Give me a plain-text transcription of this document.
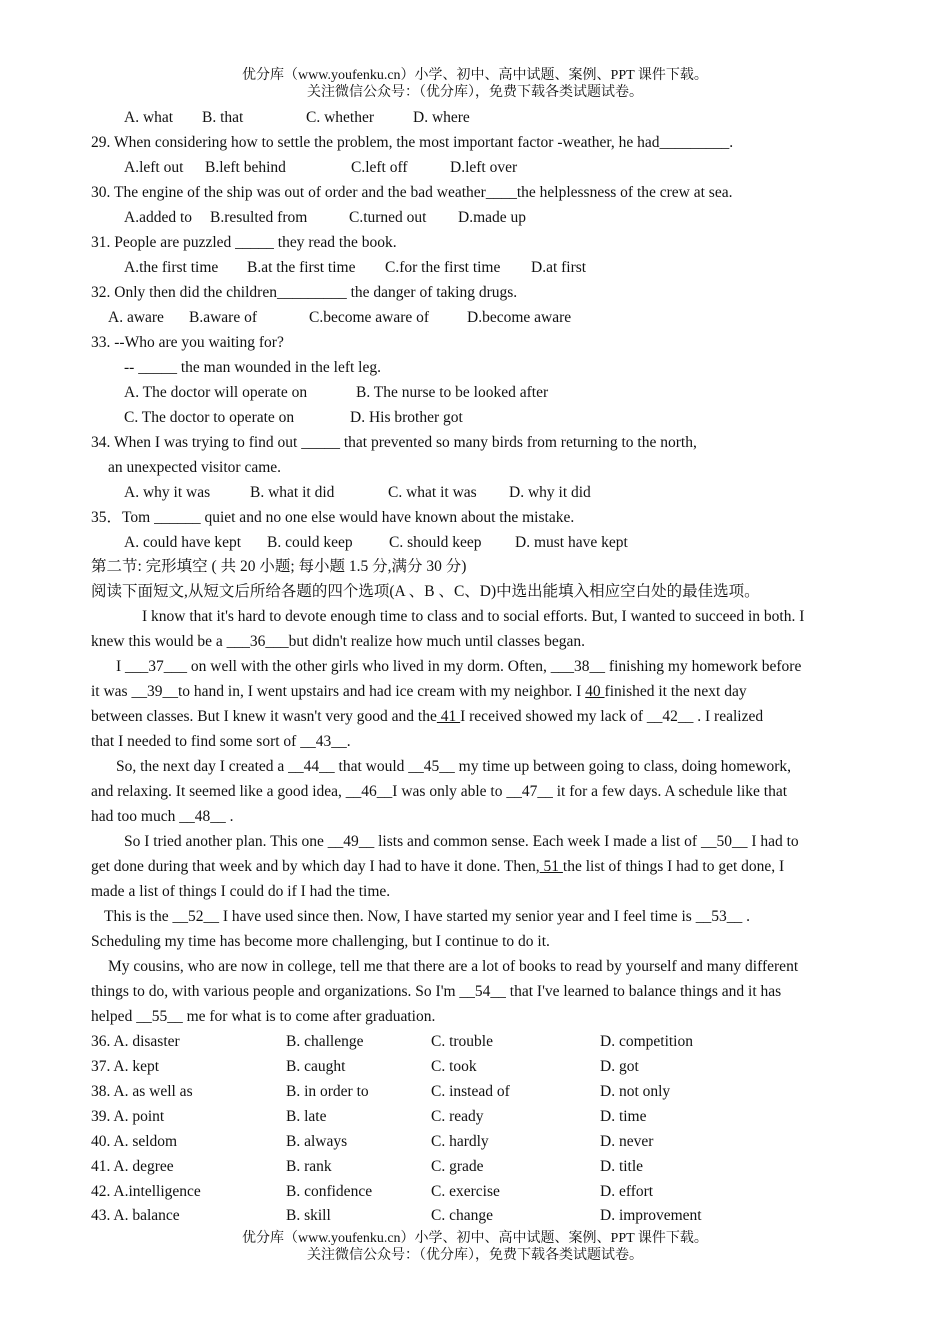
优分库（www.youfenku.cn）小学、初中、高中试题、案例、PPT 课件下载。
关注微信公众号：（优分库），免费下载各类试题试卷。
A. what B. that	C. whether	D. where
29. When considering how to settle the problem, the most important factor -weather, he had_________.
A.left out B.left behind	C.left off	D.left over
30. The engine of the ship was out of order and the bad weather____the helplessness of the crew at sea.
A.added to B.resulted from	C.turned out D.made up
31. People are puzzled _____ they read the book.
A.the first time B.at the first time C.for the first time D.at first
32. Only then did the children_________ the danger of taking drugs.
A. aware B.aware of	C.become aware of D.become aware
33. --Who are you waiting for?
-- _____ the man wounded in the left leg.
A. The doctor will operate on	B. The nurse to be looked after
C. The doctor to operate on	D. His brother got
34. When I was trying to find out _____ that prevented so many birds from returning to the north,
an unexpected visitor came.
A. why it was	B. what it did	C. what it was D. why it did
35．Tom ______ quiet and no one else would have known about the mistake.
A. could have kept B. could keep C. should keep D. must have kept
第二节: 完形填空 ( 共 20 小题; 每小题 1.5 分,满分 30 分)
阅读下面短文,从短文后所给各题的四个选项(A 、B 、C、D)中选出能填入相应空白处的最佳选项。
I know that it's hard to devote enough time to class and to social efforts. But, I wanted to succeed in both. I
knew this would be a ___36___but didn't realize how much until classes began.
I ___37___ on well with the other girls who lived in my dorm. Often, ___38__ finishing my homework before
it was __39__to hand in, I went upstairs and had ice cream with my neighbor. I 40 finished it the next day
between classes. But I knew it wasn't very good and the 41 I received showed my lack of __42__ . I realized
that I needed to find some sort of __43__.
So, the next day I created a __44__ that would __45__ my time up between going to class, doing homework,
and relaxing. It seemed like a good idea, __46__I was only able to __47__ it for a few days. A schedule like that
had too much __48__ .
So I tried another plan. This one __49__ lists and common sense. Each week I made a list of __50__ I had to
get done during that week and by which day I had to have it done. Then, 51 the list of things I had to get done, I
made a list of things I could do if I had the time.
This is the __52__ I have used since then. Now, I have started my senior year and I feel time is __53__ .
Scheduling my time has become more challenging, but I continue to do it.
My cousins, who are now in college, tell me that there are a lot of books to read by yourself and many different
things to do, with various people and organizations. So I'm __54__ that I've learned to balance things and it has
helped __55__ me for what is to come after graduation.
36. A. disaster	B. challenge	C. trouble	D. competition
37. A. kept	B. caught	C. took	D. got
38. A. as well as	B. in order to	C. instead of	D. not only
39. A. point	B. late	C. ready	D. time
40. A. seldom	B. always	C. hardly	D. never
41. A. degree	B. rank	C. grade	D. title
42. A.intelligence	B. confidence	C. exercise	D. effort
43. A. balance	B. skill	C. change	D. improvement
优分库（www.youfenku.cn）小学、初中、高中试题、案例、PPT 课件下载。
关注微信公众号：（优分库），免费下载各类试题试卷。
